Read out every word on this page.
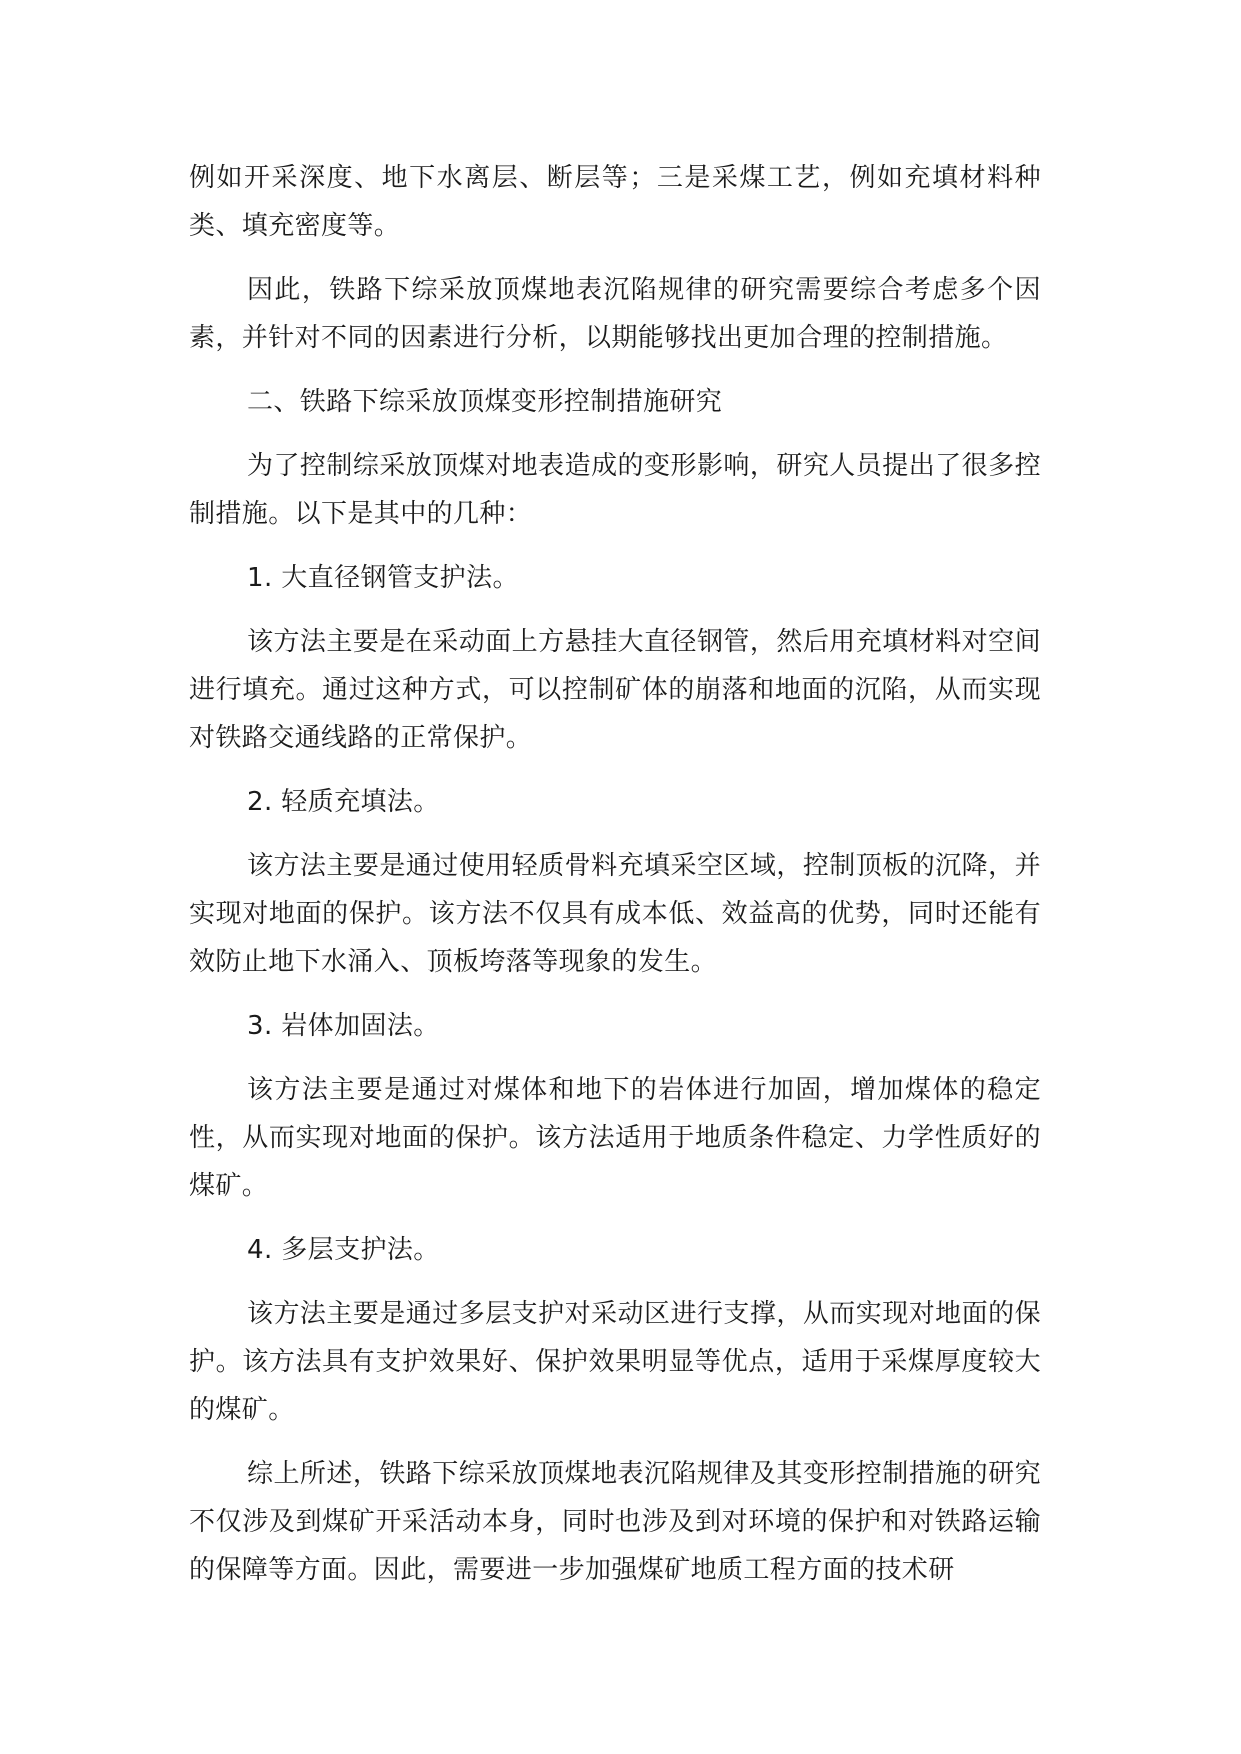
例如开采深度、地下水离层、断层等；三是采煤工艺，例如充填材料种类、填充密度等。

因此，铁路下综采放顶煤地表沉陷规律的研究需要综合考虑多个因素，并针对不同的因素进行分析，以期能够找出更加合理的控制措施。

二、铁路下综采放顶煤变形控制措施研究

为了控制综采放顶煤对地表造成的变形影响，研究人员提出了很多控制措施。以下是其中的几种：

1. 大直径钢管支护法。

该方法主要是在采动面上方悬挂大直径钢管，然后用充填材料对空间进行填充。通过这种方式，可以控制矿体的崩落和地面的沉陷，从而实现对铁路交通线路的正常保护。

2. 轻质充填法。

该方法主要是通过使用轻质骨料充填采空区域，控制顶板的沉降，并实现对地面的保护。该方法不仅具有成本低、效益高的优势，同时还能有效防止地下水涌入、顶板垮落等现象的发生。

3. 岩体加固法。

该方法主要是通过对煤体和地下的岩体进行加固，增加煤体的稳定性，从而实现对地面的保护。该方法适用于地质条件稳定、力学性质好的煤矿。

4. 多层支护法。

该方法主要是通过多层支护对采动区进行支撑，从而实现对地面的保护。该方法具有支护效果好、保护效果明显等优点，适用于采煤厚度较大的煤矿。

综上所述，铁路下综采放顶煤地表沉陷规律及其变形控制措施的研究不仅涉及到煤矿开采活动本身，同时也涉及到对环境的保护和对铁路运输的保障等方面。因此，需要进一步加强煤矿地质工程方面的技术研
